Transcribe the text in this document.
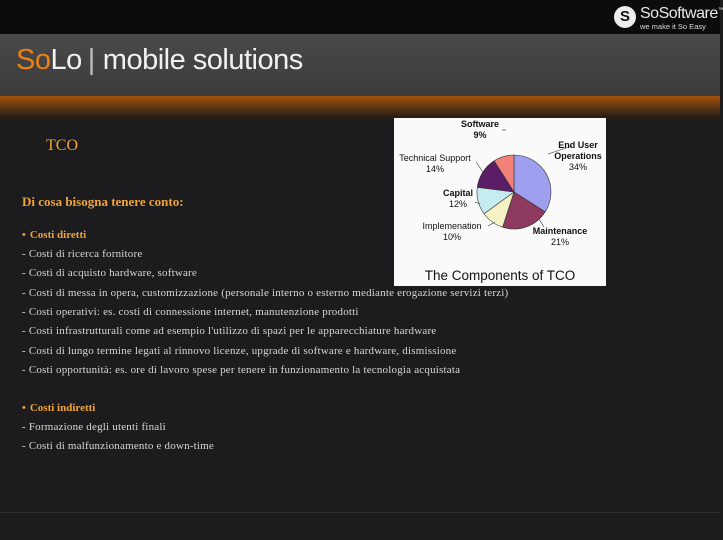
S SoSoftware™
we make it So Easy
SoLo | mobile solutions
TCO
Di cosa bisogna tenere conto:
• Costi diretti
- Costi di ricerca fornitore
- Costi di acquisto hardware, software
- Costi di messa in opera, customizzazione (personale interno o esterno mediante erogazione servizi terzi)
- Costi operativi: es. costi di connessione internet, manutenzione prodotti
- Costi infrastrutturali come ad esempio l'utilizzo di spazi per le apparecchiature hardware
- Costi di lungo termine legati al rinnovo licenze, upgrade di software e hardware, dismissione
- Costi opportunità: es. ore di lavoro spese per tenere in funzionamento la tecnologia acquistata
• Costi indiretti
- Formazione degli utenti finali
- Costi di malfunzionamento e down-time
End User Operations 34%
Maintenance 21%
Implemenation 10%
Capital 12%
Technical Support 14%
Software 9%
The Components of TCO
